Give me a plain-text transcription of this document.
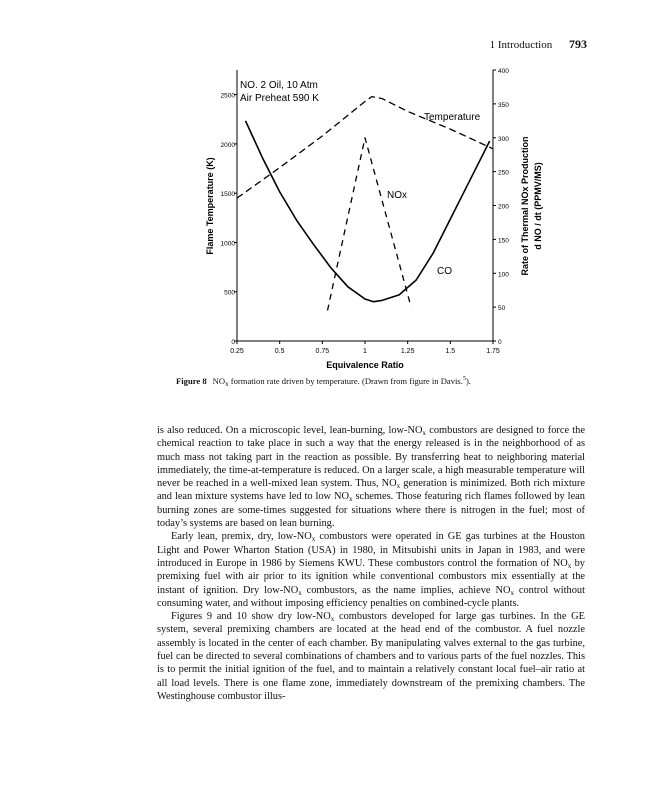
1 Introduction 793
0.25	0.5	0.75	1	1.25	1.5	1.75
0
500
1000
1500
2000
2500
0
50
100
150
200
250
300
350
400
NO. 2 Oil, 10 Atm
Air Preheat 590 K
Temperature
NOx
CO
Equivalence Ratio
Flame Temperature (K)	Rate of Thermal NOx Production d NO / dt (PPMV/MS)
Figure 8 $NO_x$ formation rate driven by temperature. (Drawn from figure in Davis.$^5$).

is also reduced. On a microscopic level, lean-burning, low-$NO_x$ combustors are designed to force the chemical reaction to take place in such a way that the energy released is in the neighborhood of as much mass not taking part in the reaction as possible. By transferring heat to neighboring material immediately, the time-at-temperature is reduced. On a larger scale, a high measurable temperature will never be reached in a well-mixed lean system. Thus, $NO_x$ generation is minimized. Both rich mixture and lean mixture systems have led to low $NO_x$ schemes. Those featuring rich flames followed by lean burning zones are some-times suggested for situations where there is nitrogen in the fuel; most of today’s systems are based on lean burning.

Early lean, premix, dry, low-$NO_x$ combustors were operated in GE gas turbines at the Houston Light and Power Wharton Station (USA) in 1980, in Mitsubishi units in Japan in 1983, and were introduced in Europe in 1986 by Siemens KWU. These combustors control the formation of $NO_x$ by premixing fuel with air prior to its ignition while conventional combustors mix essentially at the instant of ignition. Dry low-$NO_x$ combustors, as the name implies, achieve $NO_x$ control without consuming water, and without imposing efficiency penalties on combined-cycle plants.

Figures 9 and 10 show dry low-$NO_x$ combustors developed for large gas turbines. In the GE system, several premixing chambers are located at the head end of the combustor. A fuel nozzle assembly is located in the center of each chamber. By manipulating valves external to the gas turbine, fuel can be directed to several combinations of chambers and to various parts of the fuel nozzles. This is to permit the initial ignition of the fuel, and to maintain a relatively constant local fuel–air ratio at all load levels. There is one flame zone, immediately downstream of the premixing chambers. The Westinghouse combustor illus-
